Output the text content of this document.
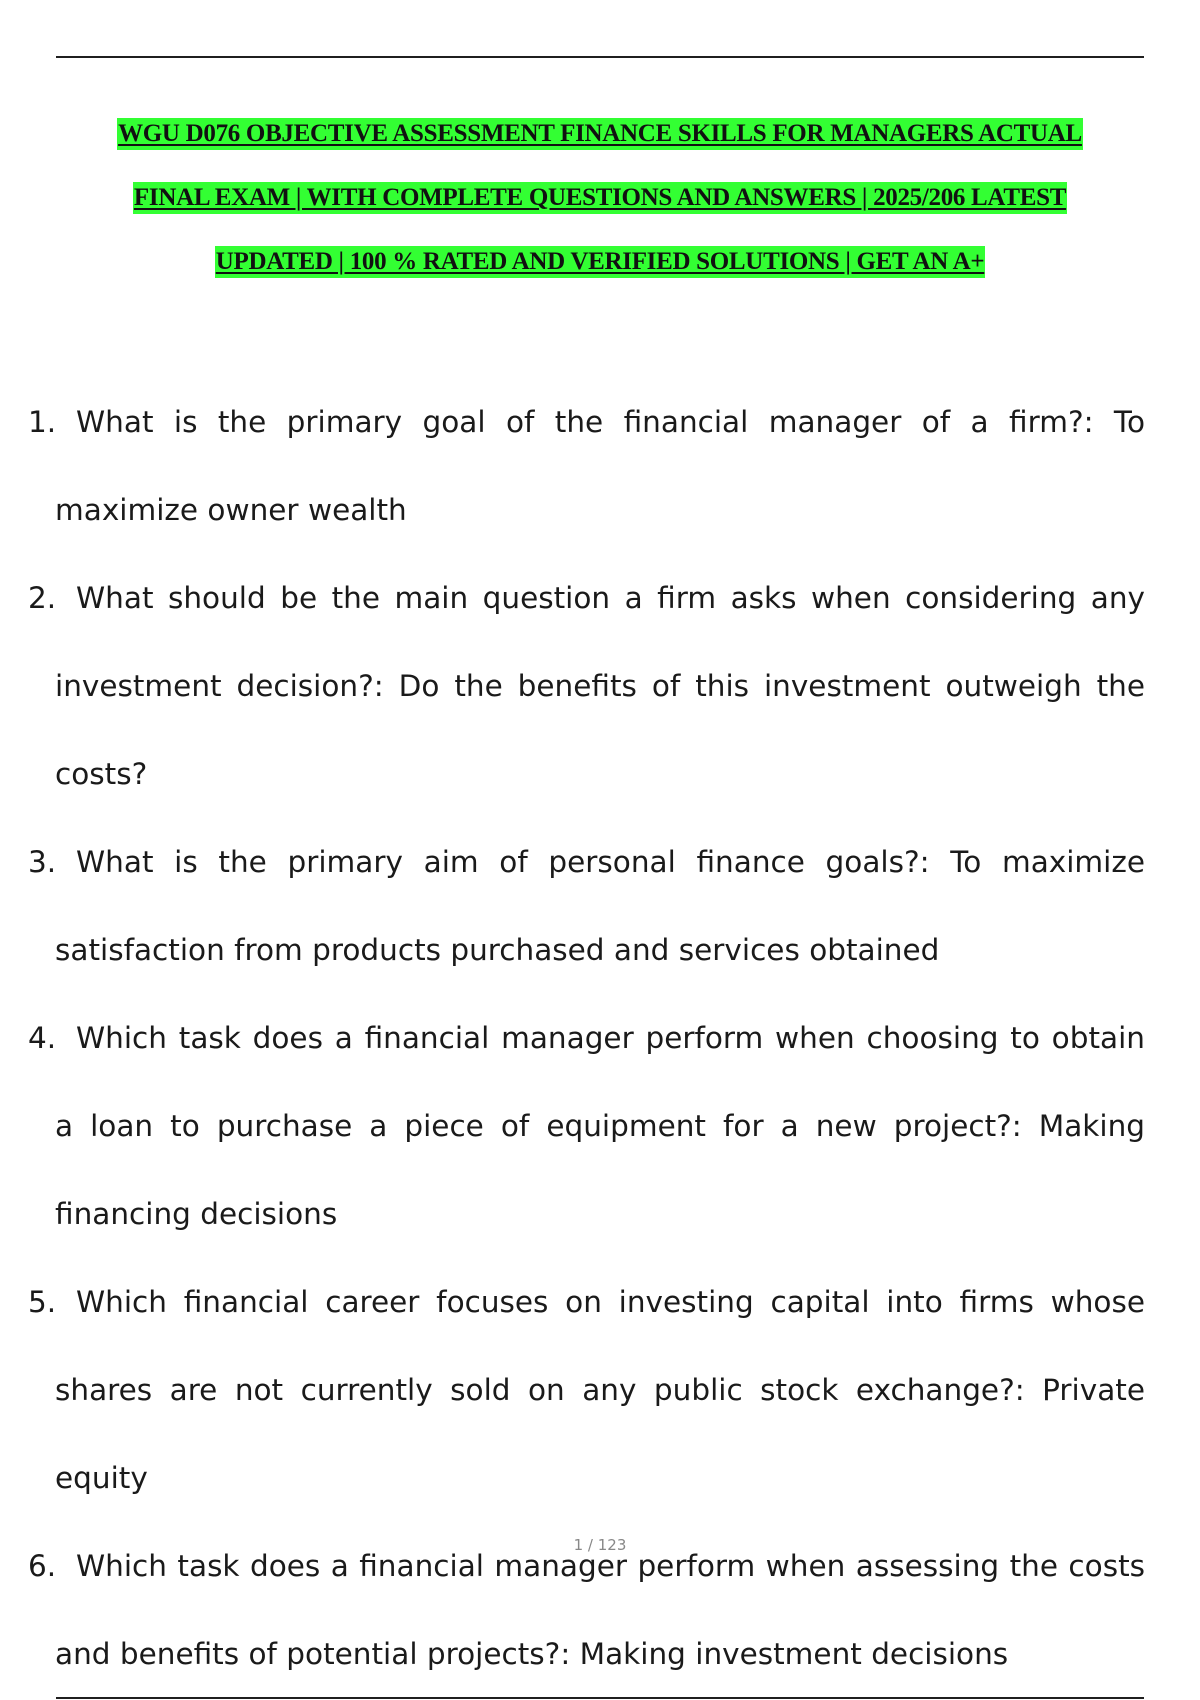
WGU D076 OBJECTIVE ASSESSMENT FINANCE SKILLS FOR MANAGERS ACTUAL
FINAL EXAM | WITH COMPLETE QUESTIONS AND ANSWERS | 2025/206 LATEST
UPDATED | 100 % RATED AND VERIFIED SOLUTIONS | GET AN A+
1. What is the primary goal of the financial manager of a firm?: To maximize owner wealth
2. What should be the main question a firm asks when considering any investment decision?: Do the benefits of this investment outweigh the costs?
3. What is the primary aim of personal finance goals?: To maximize satisfaction from products purchased and services obtained
4. Which task does a financial manager perform when choosing to obtain a loan to purchase a piece of equipment for a new project?: Making financing decisions
5. Which financial career focuses on investing capital into firms whose shares are not currently sold on any public stock exchange?: Private equity
6. Which task does a financial manager perform when assessing the costs and benefits of potential projects?: Making investment decisions
1 / 123
